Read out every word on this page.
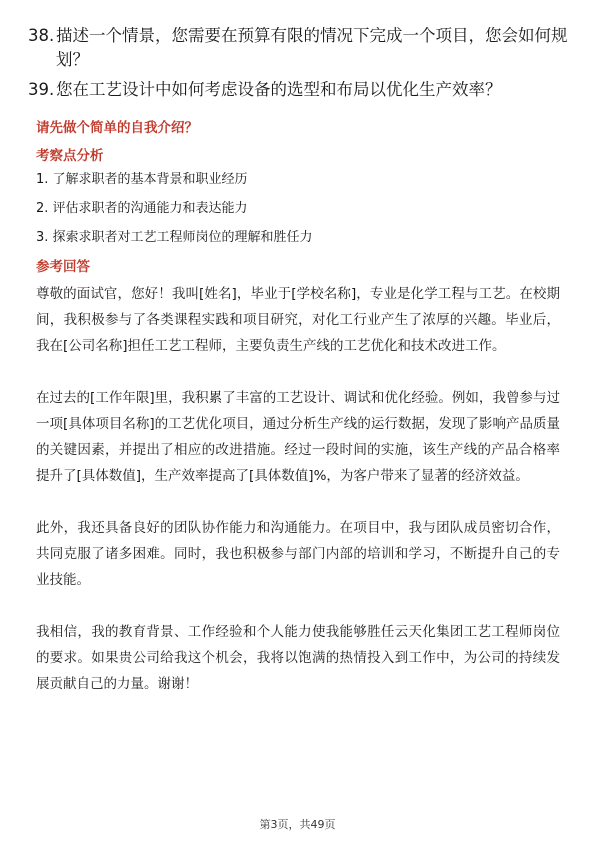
38. 描述一个情景，您需要在预算有限的情况下完成一个项目，您会如何规划？
39. 您在工艺设计中如何考虑设备的选型和布局以优化生产效率？
请先做个简单的自我介绍？
考察点分析
1. 了解求职者的基本背景和职业经历
2. 评估求职者的沟通能力和表达能力
3. 探索求职者对工艺工程师岗位的理解和胜任力
参考回答

尊敬的面试官，您好！我叫[姓名]，毕业于[学校名称]，专业是化学工程与工艺。在校期间，我积极参与了各类课程实践和项目研究，对化工行业产生了浓厚的兴趣。毕业后，我在[公司名称]担任工艺工程师，主要负责生产线的工艺优化和技术改进工作。

在过去的[工作年限]里，我积累了丰富的工艺设计、调试和优化经验。例如，我曾参与过一项[具体项目名称]的工艺优化项目，通过分析生产线的运行数据，发现了影响产品质量的关键因素，并提出了相应的改进措施。经过一段时间的实施，该生产线的产品合格率提升了[具体数值]，生产效率提高了[具体数值]%，为客户带来了显著的经济效益。

此外，我还具备良好的团队协作能力和沟通能力。在项目中，我与团队成员密切合作，共同克服了诸多困难。同时，我也积极参与部门内部的培训和学习，不断提升自己的专业技能。

我相信，我的教育背景、工作经验和个人能力使我能够胜任云天化集团工艺工程师岗位的要求。如果贵公司给我这个机会，我将以饱满的热情投入到工作中，为公司的持续发展贡献自己的力量。谢谢！

第3页，共49页
